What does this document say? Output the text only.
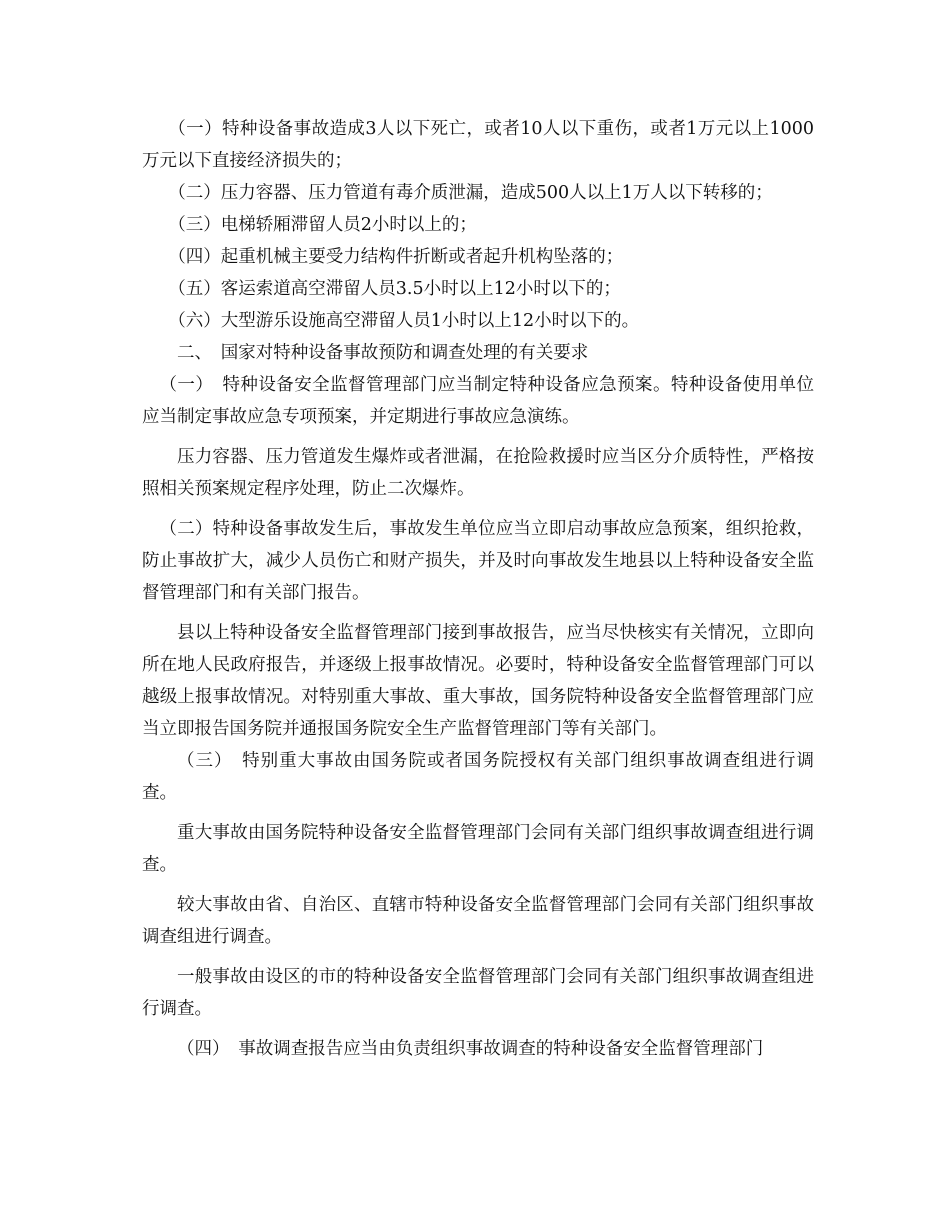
（一）特种设备事故造成3人以下死亡，或者10人以下重伤，或者1万元以上1000万元以下直接经济损失的；

（二）压力容器、压力管道有毒介质泄漏，造成500人以上1万人以下转移的；

（三）电梯轿厢滞留人员2小时以上的；

（四）起重机械主要受力结构件折断或者起升机构坠落的；

（五）客运索道高空滞留人员3.5小时以上12小时以下的；

（六）大型游乐设施高空滞留人员1小时以上12小时以下的。

二、　国家对特种设备事故预防和调查处理的有关要求

（一）　特种设备安全监督管理部门应当制定特种设备应急预案。特种设备使用单位应当制定事故应急专项预案，并定期进行事故应急演练。

压力容器、压力管道发生爆炸或者泄漏，在抢险救援时应当区分介质特性，严格按照相关预案规定程序处理，防止二次爆炸。

（二）特种设备事故发生后，事故发生单位应当立即启动事故应急预案，组织抢救，防止事故扩大，减少人员伤亡和财产损失，并及时向事故发生地县以上特种设备安全监督管理部门和有关部门报告。

县以上特种设备安全监督管理部门接到事故报告，应当尽快核实有关情况，立即向所在地人民政府报告，并逐级上报事故情况。必要时，特种设备安全监督管理部门可以越级上报事故情况。对特别重大事故、重大事故，国务院特种设备安全监督管理部门应当立即报告国务院并通报国务院安全生产监督管理部门等有关部门。

（三）　特别重大事故由国务院或者国务院授权有关部门组织事故调查组进行调查。

重大事故由国务院特种设备安全监督管理部门会同有关部门组织事故调查组进行调查。

较大事故由省、自治区、直辖市特种设备安全监督管理部门会同有关部门组织事故调查组进行调查。

一般事故由设区的市的特种设备安全监督管理部门会同有关部门组织事故调查组进行调查。

（四）　事故调查报告应当由负责组织事故调查的特种设备安全监督管理部门
